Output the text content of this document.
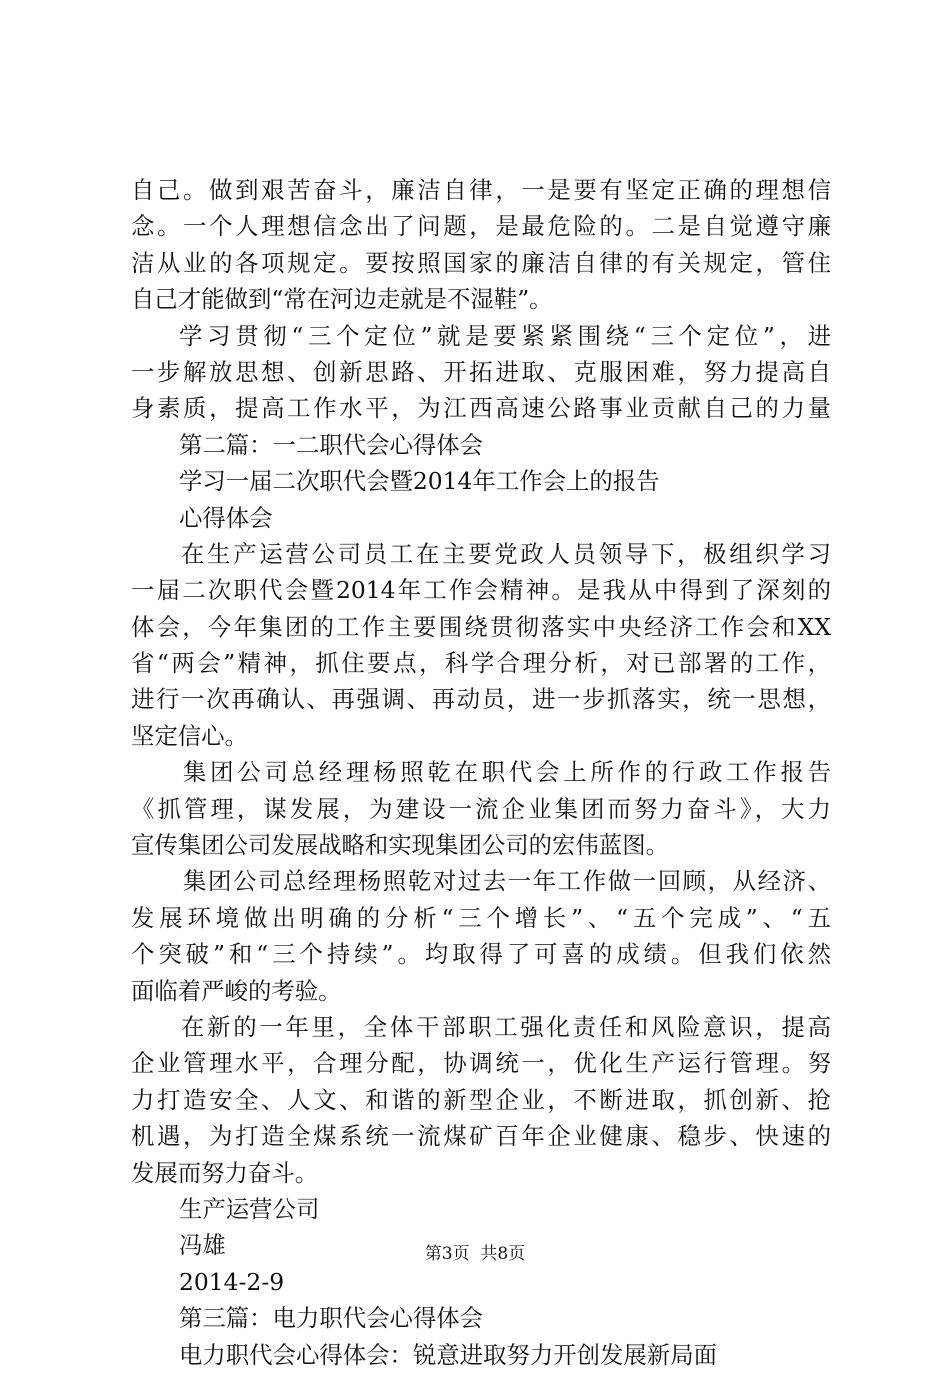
自己。做到艰苦奋斗，廉洁自律，一是要有坚定正确的理想信
念。一个人理想信念出了问题，是最危险的。二是自觉遵守廉
洁从业的各项规定。要按照国家的廉洁自律的有关规定，管住
自己才能做到“常在河边走就是不湿鞋”。
学习贯彻“三个定位”就是要紧紧围绕“三个定位”，进
一步解放思想、创新思路、开拓进取、克服困难，努力提高自
身素质，提高工作水平，为江西高速公路事业贡献自己的力量
第二篇：一二职代会心得体会
学习一届二次职代会暨2014年工作会上的报告
心得体会
在生产运营公司员工在主要党政人员领导下，极组织学习
一届二次职代会暨2014年工作会精神。是我从中得到了深刻的
体会，今年集团的工作主要围绕贯彻落实中央经济工作会和XX
省“两会”精神，抓住要点，科学合理分析，对已部署的工作，
进行一次再确认、再强调、再动员，进一步抓落实，统一思想，
坚定信心。
集团公司总经理杨照乾在职代会上所作的行政工作报告
《抓管理，谋发展，为建设一流企业集团而努力奋斗》，大力
宣传集团公司发展战略和实现集团公司的宏伟蓝图。
集团公司总经理杨照乾对过去一年工作做一回顾，从经济、
发展环境做出明确的分析“三个增长”、“五个完成”、“五
个突破”和“三个持续”。均取得了可喜的成绩。但我们依然
面临着严峻的考验。
在新的一年里，全体干部职工强化责任和风险意识，提高
企业管理水平，合理分配，协调统一，优化生产运行管理。努
力打造安全、人文、和谐的新型企业，不断进取，抓创新、抢
机遇，为打造全煤系统一流煤矿百年企业健康、稳步、快速的
发展而努力奋斗。
生产运营公司
冯雄
2014-2-9
第三篇：电力职代会心得体会
电力职代会心得体会：锐意进取努力开创发展新局面
第3页 共8页
